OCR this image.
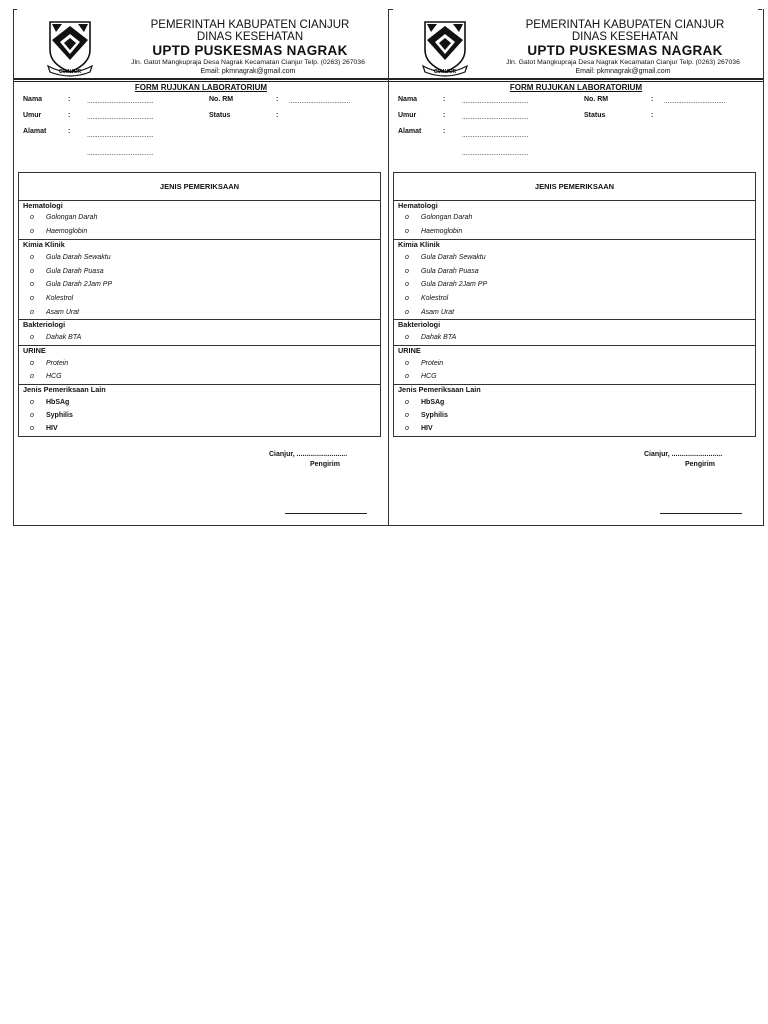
CIANJUR
PEMERINTAH KABUPATEN CIANJUR
DINAS KESEHATAN
UPTD PUSKESMAS NAGRAK
Jln. Gatot Mangkupraja Desa Nagrak Kecamatan Cianjur Telp. (0263) 267036
Email: pkmnagrak@gmail.com
FORM RUJUKAN LABORATORIUM
Nama	: ......................................
Umur	: ......................................
Alamat	:
......................................
......................................
No. RM	: ...................................
Status	:
JENIS PEMERIKSAAN
Hematologi
o Golongan Darah
o Haemoglobin
Kimia Klinik
o Gula Darah Sewaktu
o Gula Darah Puasa
o Gula Darah 2Jam PP
o Kolestrol
o Asam Urat
Bakteriologi
o Dahak BTA
URINE
o Protein
o HCG
Jenis Pemeriksaan Lain
o HbSAg
o Syphilis
o HIV
Cianjur, ..........................
Pengirim
CIANJUR
PEMERINTAH KABUPATEN CIANJUR
DINAS KESEHATAN
UPTD PUSKESMAS NAGRAK
Jln. Gatot Mangkupraja Desa Nagrak Kecamatan Cianjur Telp. (0263) 267036
Email: pkmnagrak@gmail.com
FORM RUJUKAN LABORATORIUM
Nama	: ......................................
Umur	: ......................................
Alamat	:
......................................
......................................
No. RM	: ...................................
Status	:
JENIS PEMERIKSAAN
Hematologi
o Golongan Darah
o Haemoglobin
Kimia Klinik
o Gula Darah Sewaktu
o Gula Darah Puasa
o Gula Darah 2Jam PP
o Kolestrol
o Asam Urat
Bakteriologi
o Dahak BTA
URINE
o Protein
o HCG
Jenis Pemeriksaan Lain
o HbSAg
o Syphilis
o HIV
Cianjur, ..........................
Pengirim
